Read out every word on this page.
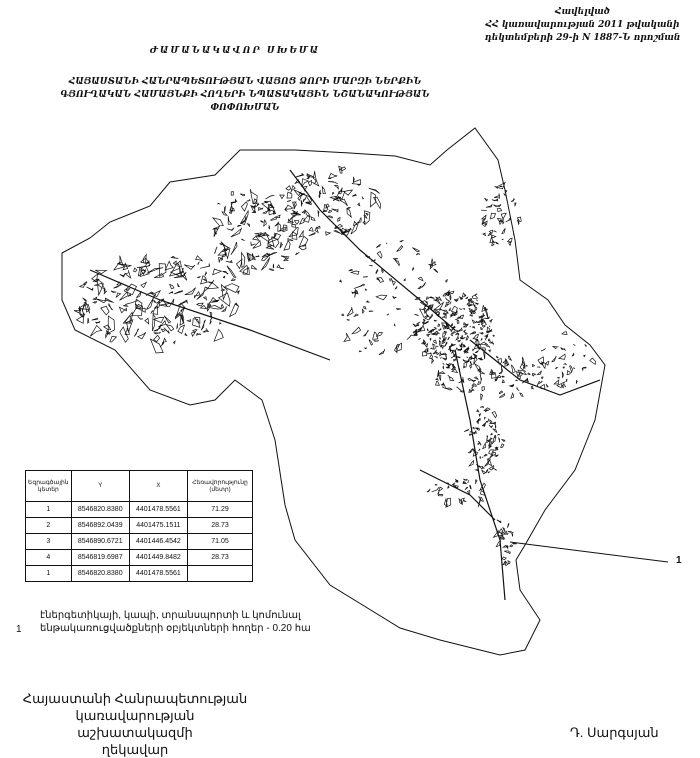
Հավելված
ՀՀ կառավարության 2011 թվականի
դեկտեմբերի 29-ի N 1887-Ն որոշման
ԺԱՄԱՆԱԿԱՎՈՐ ՍԽԵՄԱ
ՀԱՅԱՍՏԱՆԻ ՀԱՆՐԱՊԵՏՈՒԹՅԱՆ ՎԱՅՈՑ ՁՈՐԻ ՄԱՐԶԻ ՆԵՐՔԻՆ
ԳՅՈՒՂԱԿԱՆ ՀԱՄԱՅՆՔԻ ՀՈՂԵՐԻ ՆՊԱՏԱԿԱՅԻՆ ՆՇԱՆԱԿՈՒԹՅԱՆ
ՓՈՓՈԽՄԱՆ
Եզրագծային կետեր	Y	X	Հեռավորությունը (մետր)
1	8546820.8380	4401478.5561	71.29
2	8546892.0439	4401475.1511	28.73
3	8546890.6721	4401446.4542	71.05
4	8546819.6987	4401449.8482	28.73
1	8546820.8380	4401478.5561	
1
էներգետիկայի, կապի, տրանսպորտի և կոմունալ ենթակառուցվածքների օբյեկտների հողեր - 0.20 հա
1
Հայաստանի Հանրապետության
կառավարության աշխատակազմի
ղեկավար
Դ. Սարգսյան
